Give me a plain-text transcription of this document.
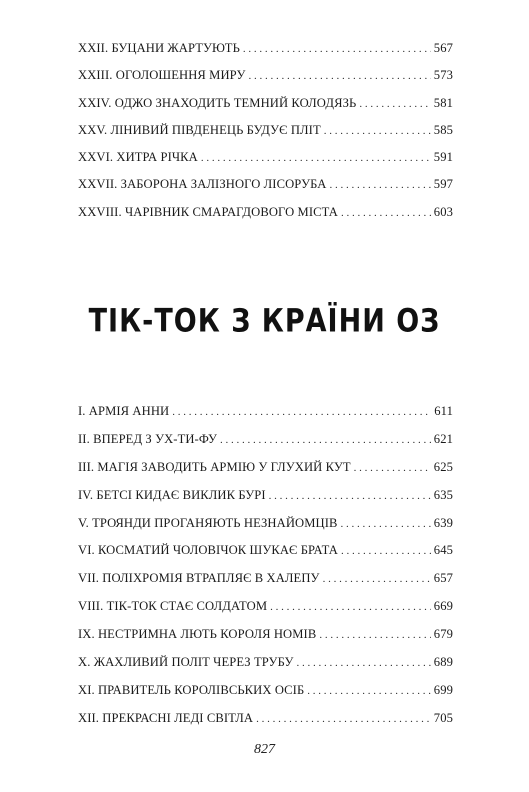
XXII. БУЦАНИ ЖАРТУЮТЬ . . .	567
XXIII. ОГОЛОШЕННЯ МИРУ . . .	573
XXIV. ОДЖО ЗНАХОДИТЬ ТЕМНИЙ КОЛОДЯЗЬ . . .	581
XXV. ЛІНИВИЙ ПІВДЕНЕЦЬ БУДУЄ ПЛІТ . . .	585
XXVI. ХИТРА РІЧКА . . .	591
XXVII. ЗАБОРОНА ЗАЛІЗНОГО ЛІСОРУБА . . .	597
XXVIII. ЧАРІВНИК СМАРАГДОВОГО МІСТА . . .	603
ТІК-ТОК З КРАЇНИ ОЗ
I. АРМІЯ АННИ . . .	611
II. ВПЕРЕД З УХ-ТИ-ФУ . . .	621
III. МАГІЯ ЗАВОДИТЬ АРМІЮ У ГЛУХИЙ КУТ . . .	625
IV. БЕТСІ КИДАЄ ВИКЛИК БУРІ . . .	635
V. ТРОЯНДИ ПРОГАНЯЮТЬ НЕЗНАЙОМЦІВ . . .	639
VI. КОСМАТИЙ ЧОЛОВІЧОК ШУКАЄ БРАТА . . .	645
VII. ПОЛІХРОМІЯ ВТРАПЛЯЄ В ХАЛЕПУ . . .	657
VIII. ТІК-ТОК СТАЄ СОЛДАТОМ . . .	669
IX. НЕСТРИМНА ЛЮТЬ КОРОЛЯ НОМІВ . . .	679
X. ЖАХЛИВИЙ ПОЛІТ ЧЕРЕЗ ТРУБУ . . .	689
XI. ПРАВИТЕЛЬ КОРОЛІВСЬКИХ ОСІБ . . .	699
XII. ПРЕКРАСНІ ЛЕДІ СВІТЛА . . .	705
827
